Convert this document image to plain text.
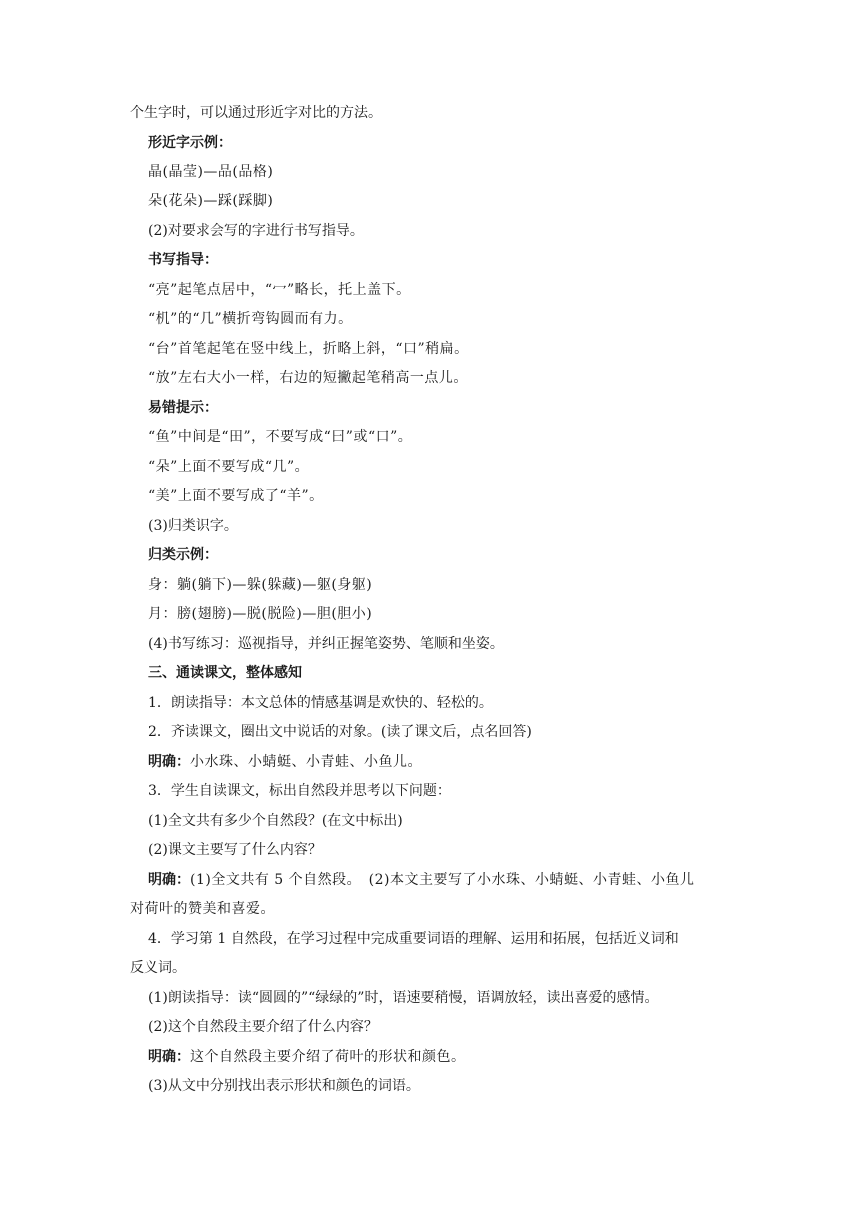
个生字时，可以通过形近字对比的方法。
形近字示例：
晶(晶莹)—品(品格)
朵(花朵)—踩(踩脚)
(2)对要求会写的字进行书写指导。
书写指导：
“亮”起笔点居中，“冖”略长，托上盖下。
“机”的“几”横折弯钩圆而有力。
“台”首笔起笔在竖中线上，折略上斜，“口”稍扁。
“放”左右大小一样，右边的短撇起笔稍高一点儿。
易错提示：
“鱼”中间是“田”，不要写成“曰”或“口”。
“朵”上面不要写成“几”。
“美”上面不要写成了“羊”。
(3)归类识字。
归类示例：
身：躺(躺下)—躲(躲藏)—躯(身躯)
月：膀(翅膀)—脱(脱险)—胆(胆小)
(4)书写练习：巡视指导，并纠正握笔姿势、笔顺和坐姿。
三、通读课文，整体感知
1．朗读指导：本文总体的情感基调是欢快的、轻松的。
2．齐读课文，圈出文中说话的对象。(读了课文后，点名回答)
明确：小水珠、小蜻蜓、小青蛙、小鱼儿。
3．学生自读课文，标出自然段并思考以下问题：
(1)全文共有多少个自然段？(在文中标出)
(2)课文主要写了什么内容？
明确：(1)全文共有 5 个自然段。　(2)本文主要写了小水珠、小蜻蜓、小青蛙、小鱼儿
对荷叶的赞美和喜爱。
4．学习第 1 自然段，在学习过程中完成重要词语的理解、运用和拓展，包括近义词和
反义词。
(1)朗读指导：读“圆圆的”“绿绿的”时，语速要稍慢，语调放轻，读出喜爱的感情。
(2)这个自然段主要介绍了什么内容？
明确：这个自然段主要介绍了荷叶的形状和颜色。
(3)从文中分别找出表示形状和颜色的词语。
